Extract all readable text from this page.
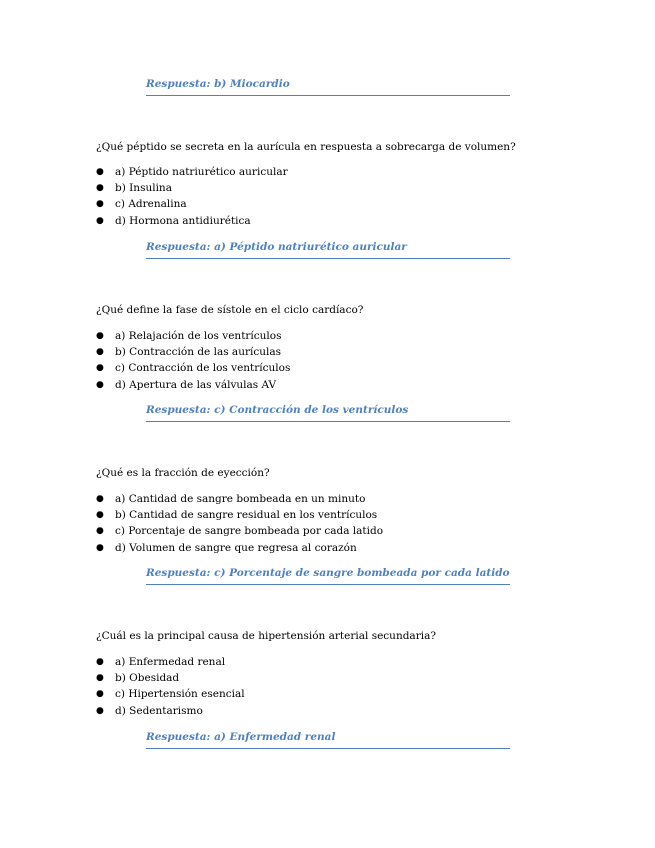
Respuesta: b) Miocardio
¿Qué péptido se secreta en la aurícula en respuesta a sobrecarga de volumen?
●	a) Péptido natriurético auricular
●	b) Insulina
●	c) Adrenalina
●	d) Hormona antidiurética
Respuesta: a) Péptido natriurético auricular
¿Qué define la fase de sístole en el ciclo cardíaco?
●	a) Relajación de los ventrículos
●	b) Contracción de las aurículas
●	c) Contracción de los ventrículos
●	d) Apertura de las válvulas AV
Respuesta: c) Contracción de los ventrículos
¿Qué es la fracción de eyección?
●	a) Cantidad de sangre bombeada en un minuto
●	b) Cantidad de sangre residual en los ventrículos
●	c) Porcentaje de sangre bombeada por cada latido
●	d) Volumen de sangre que regresa al corazón
Respuesta: c) Porcentaje de sangre bombeada por cada latido
¿Cuál es la principal causa de hipertensión arterial secundaria?
●	a) Enfermedad renal
●	b) Obesidad
●	c) Hipertensión esencial
●	d) Sedentarismo
Respuesta: a) Enfermedad renal
